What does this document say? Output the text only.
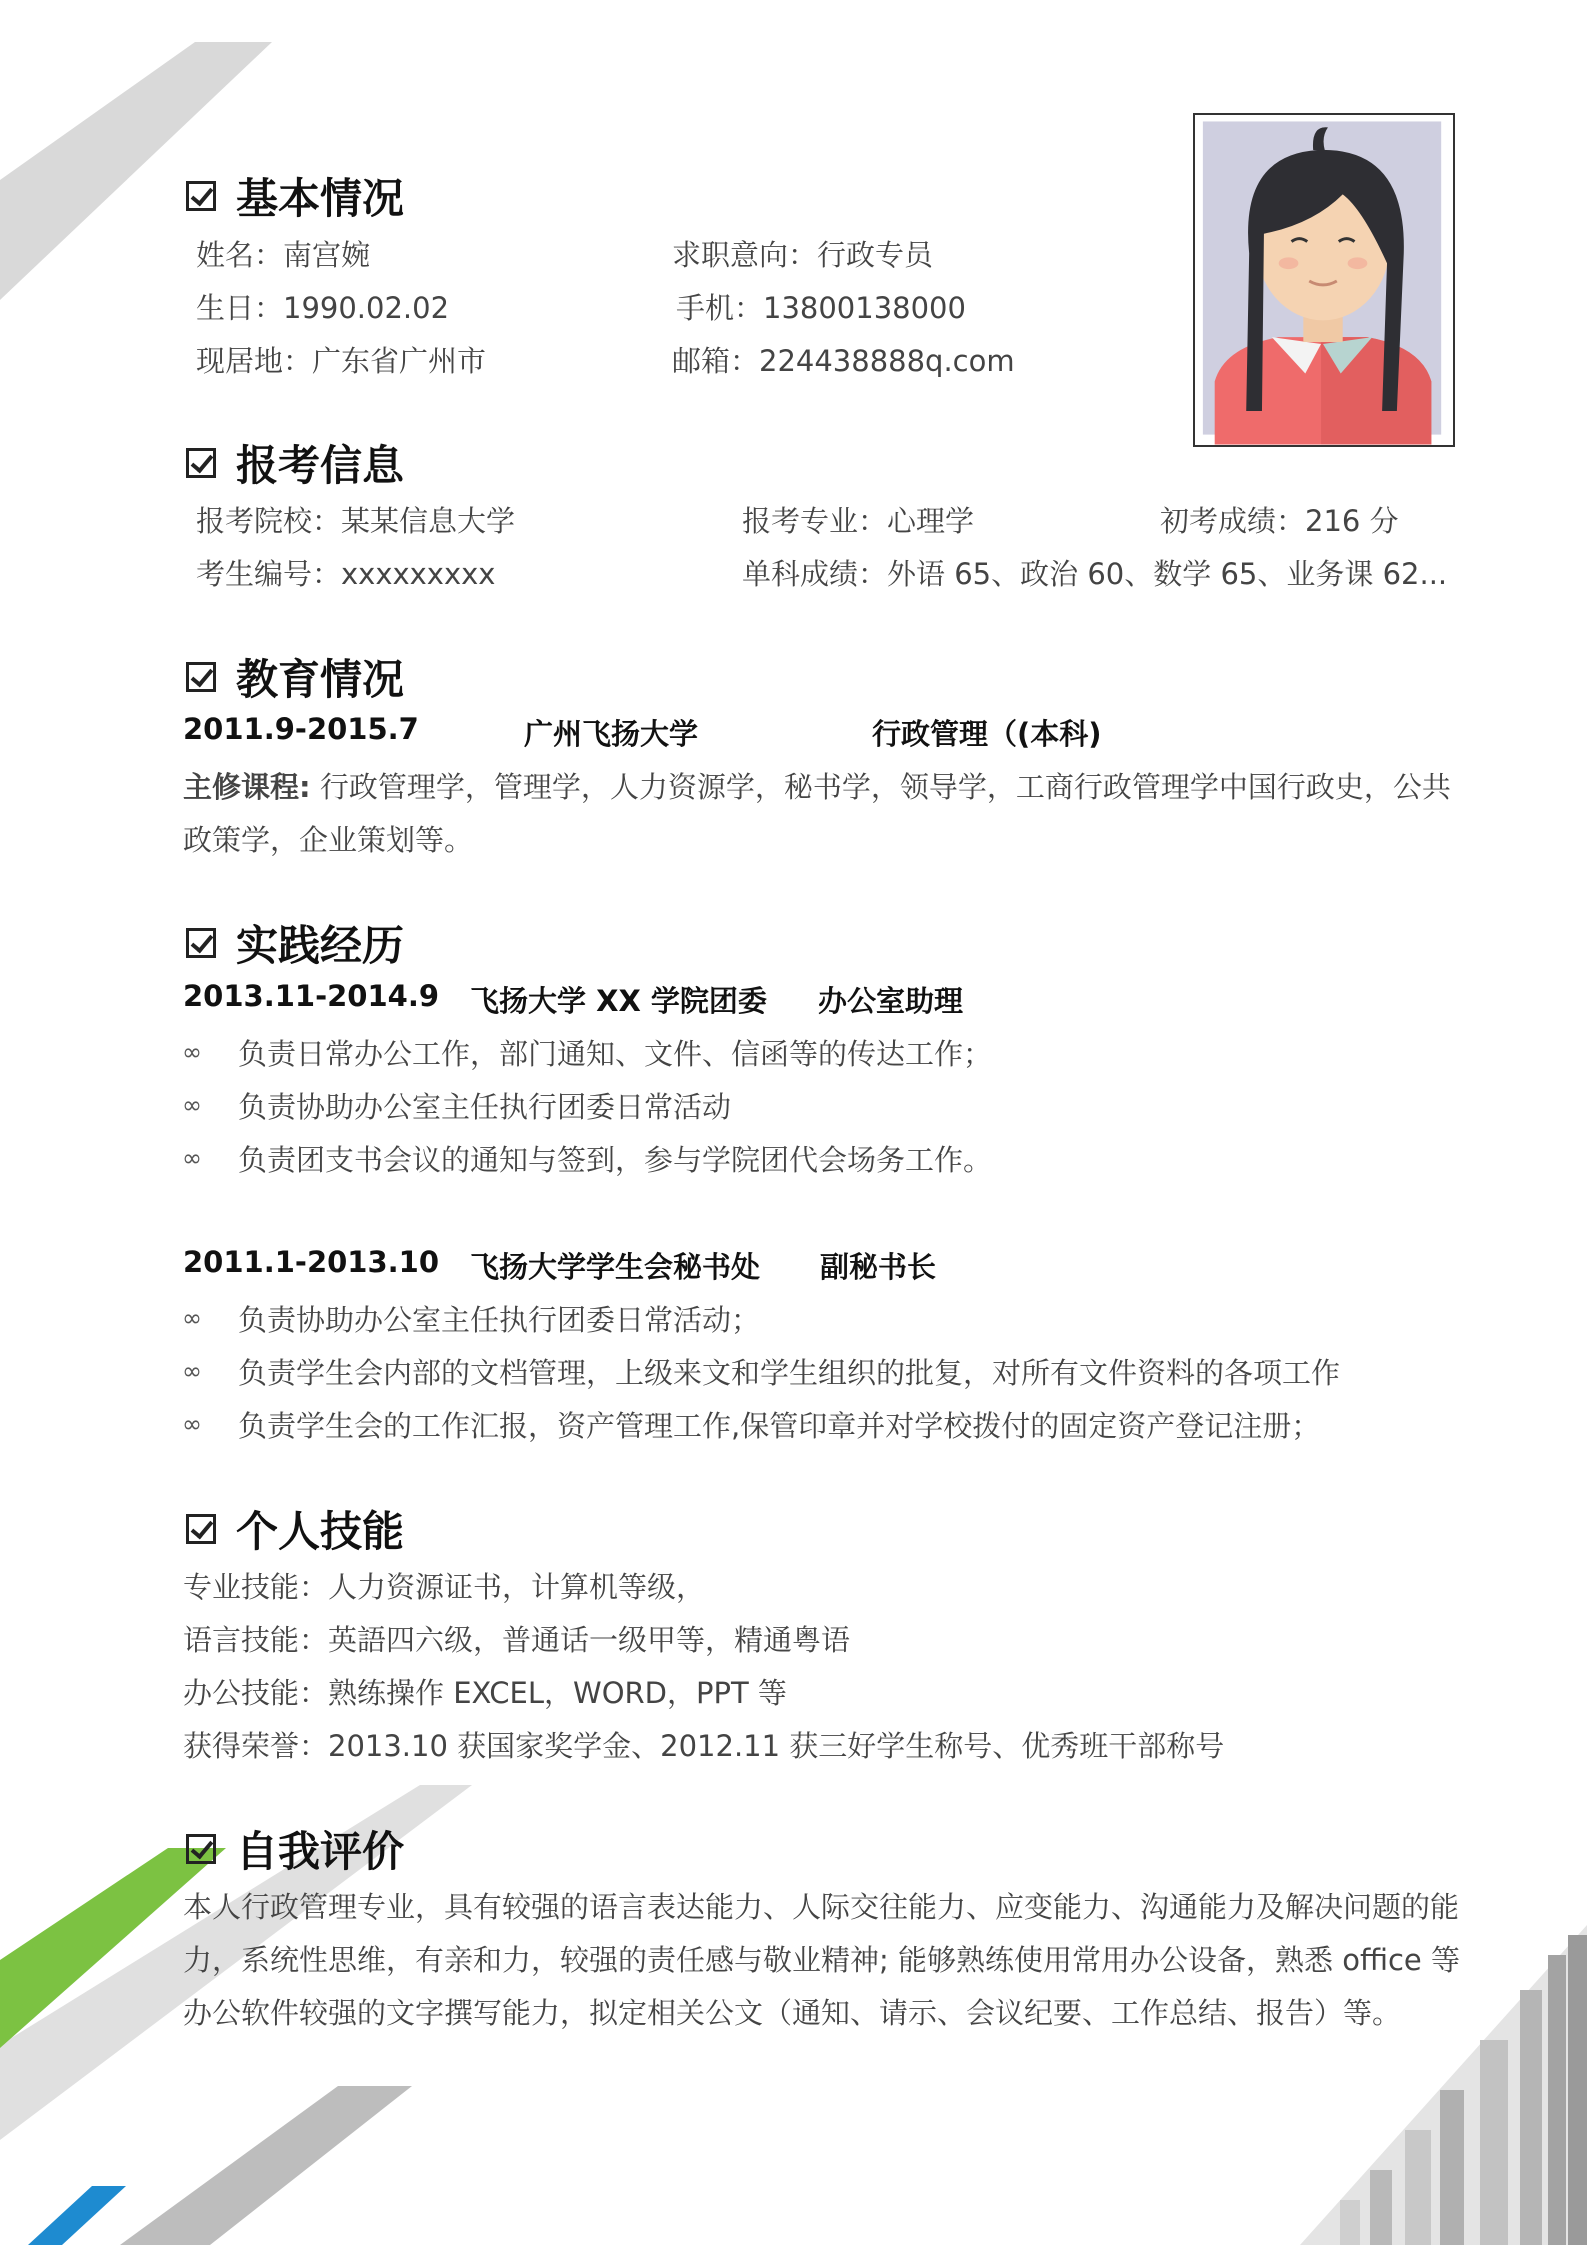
基本情况
姓名：南宫婉	求职意向：行政专员
生日：1990.02.02	手机：13800138000
现居地：广东省广州市	邮箱：224438888q.com
报考信息
报考院校：某某信息大学	报考专业：心理学	初考成绩：216 分
考生编号：xxxxxxxxx	单科成绩：外语 65、政治 60、数学 65、业务课 62...
教育情况
2011.9-2015.7	广州飞扬大学	行政管理（(本科)
主修课程: 行政管理学，管理学，人力资源学，秘书学，领导学，工商行政管理学中国行政史，公共
政策学，企业策划等。
实践经历
2013.11-2014.9 飞扬大学 XX 学院团委 办公室助理
∞ 负责日常办公工作，部门通知、文件、信函等的传达工作；
∞ 负责协助办公室主任执行团委日常活动
∞ 负责团支书会议的通知与签到，参与学院团代会场务工作。
2011.1-2013.10 飞扬大学学生会秘书处 副秘书长
∞ 负责协助办公室主任执行团委日常活动；
∞ 负责学生会内部的文档管理，上级来文和学生组织的批复，对所有文件资料的各项工作
∞ 负责学生会的工作汇报，资产管理工作,保管印章并对学校拨付的固定资产登记注册；
个人技能
专业技能：人力资源证书，计算机等级，
语言技能：英語四六级，普通话一级甲等，精通粤语
办公技能：熟练操作 EXCEL，WORD，PPT 等
获得荣誉：2013.10 获国家奖学金、2012.11 获三好学生称号、优秀班干部称号
自我评价
本人行政管理专业，具有较强的语言表达能力、人际交往能力、应变能力、沟通能力及解决问题的能
力，系统性思维，有亲和力，较强的责任感与敬业精神; 能够熟练使用常用办公设备，熟悉 office 等
办公软件较强的文字撰写能力，拟定相关公文（通知、请示、会议纪要、工作总结、报告）等。
